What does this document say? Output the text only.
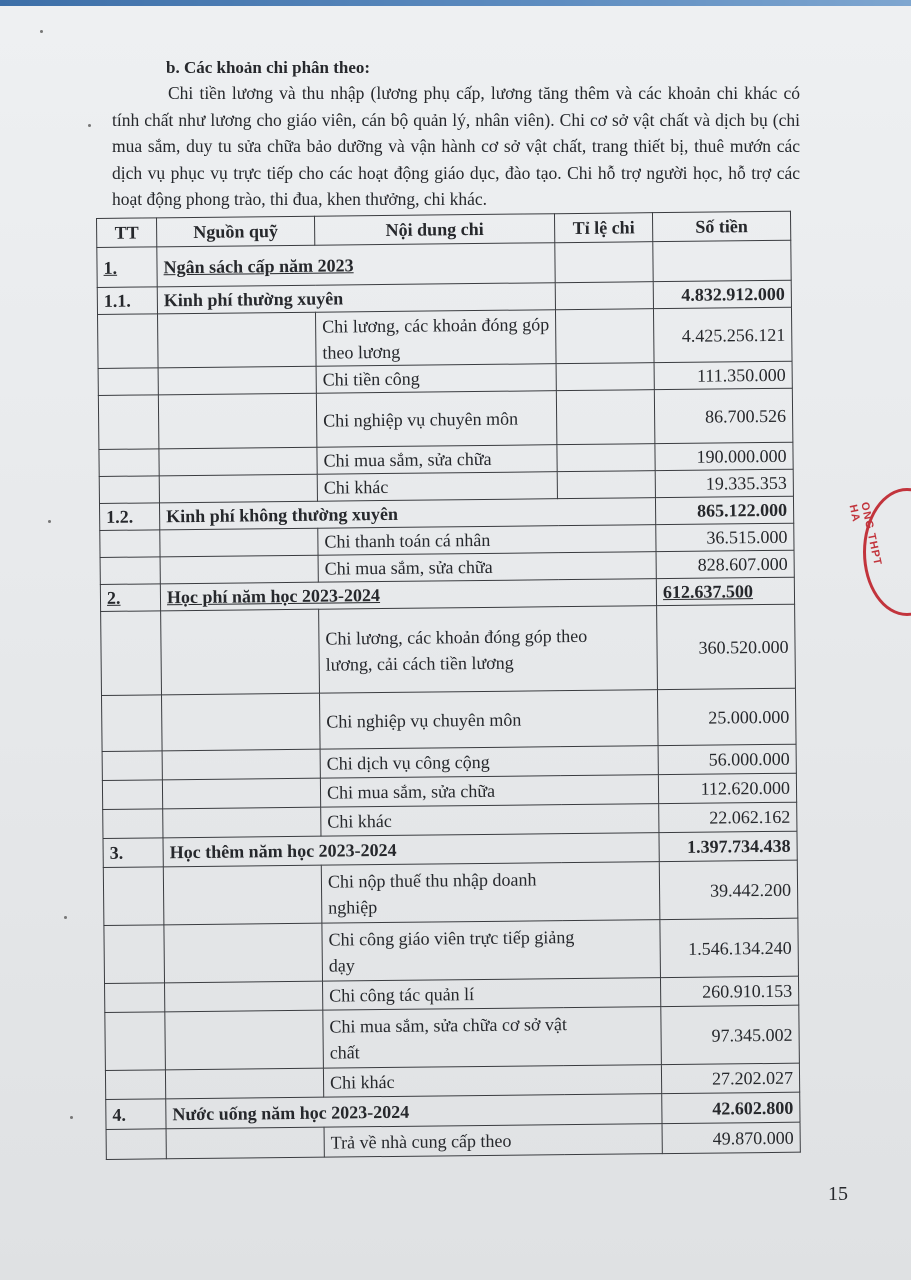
ONG THPT HA
b. Các khoản chi phân theo:
Chi tiền lương và thu nhập (lương phụ cấp, lương tăng thêm và các khoản chi khác có tính chất như lương cho giáo viên, cán bộ quản lý, nhân viên). Chi cơ sở vật chất và dịch bụ (chi mua sắm, duy tu sửa chữa bảo dưỡng và vận hành cơ sở vật chất, trang thiết bị, thuê mướn các dịch vụ phục vụ trực tiếp cho các hoạt động giáo dục, đào tạo. Chi hỗ trợ người học, hỗ trợ các hoạt động phong trào, thi đua, khen thưởng, chi khác.
TT	Nguồn quỹ	Nội dung chi	Tỉ lệ chi	Số tiền
1.	Ngân sách cấp năm 2023			
1.1.	Kinh phí thường xuyên			4.832.912.000
		Chi lương, các khoản đóng góp theo lương		4.425.256.121
		Chi tiền công		111.350.000
		Chi nghiệp vụ chuyên môn		86.700.526
		Chi mua sắm, sửa chữa		190.000.000
		Chi khác		19.335.353
1.2.	Kinh phí không thường xuyên			865.122.000
		Chi thanh toán cá nhân		36.515.000
		Chi mua sắm, sửa chữa		828.607.000
2.	Học phí năm học 2023-2024			612.637.500
		Chi lương, các khoản đóng góp theo lương, cải cách tiền lương		360.520.000
		Chi nghiệp vụ chuyên môn		25.000.000
		Chi dịch vụ công cộng		56.000.000
		Chi mua sắm, sửa chữa		112.620.000
		Chi khác		22.062.162
3.	Học thêm năm học 2023-2024			1.397.734.438
		Chi nộp thuế thu nhập doanh nghiệp		39.442.200
		Chi công giáo viên trực tiếp giảng dạy		1.546.134.240
		Chi công tác quản lí		260.910.153
		Chi mua sắm, sửa chữa cơ sở vật chất		97.345.002
		Chi khác		27.202.027
4.	Nước uống năm học 2023-2024			42.602.800
		Trả về nhà cung cấp theo		49.870.000
15
